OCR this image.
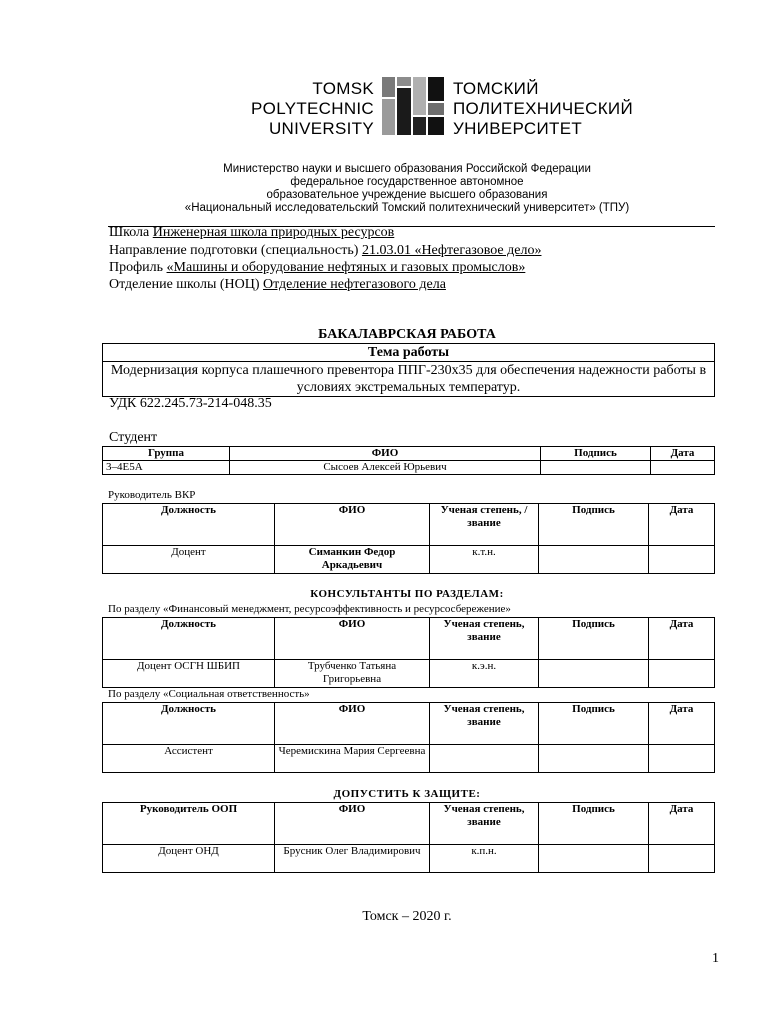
TOMSK
POLYTECHNIC
UNIVERSITY
ТОМСКИЙ
ПОЛИТЕХНИЧЕСКИЙ
УНИВЕРСИТЕТ
Министерство науки и высшего образования Российской Федерации
федеральное государственное автономное
образовательное учреждение высшего образования
«Национальный исследовательский Томский политехнический университет» (ТПУ)
Школа Инженерная школа природных ресурсов
Направление подготовки (специальность) 21.03.01 «Нефтегазовое дело»
Профиль «Машины и оборудование нефтяных и газовых промыслов»
Отделение школы (НОЦ) Отделение нефтегазового дела
БАКАЛАВРСКАЯ РАБОТА
Тема работы
Модернизация корпуса плашечного превентора ППГ-230х35 для обеспечения надежности работы в условиях экстремальных температур.
УДК 622.245.73-214-048.35
Студент
Группа	ФИО	Подпись	Дата
3–4Е5А	Сысоев Алексей Юрьевич		
Руководитель ВКР
Должность	ФИО	Ученая степень, /звание	Подпись	Дата
Доцент	Симанкин Федор Аркадьевич	к.т.н.		
КОНСУЛЬТАНТЫ ПО РАЗДЕЛАМ:
По разделу «Финансовый менеджмент, ресурсоэффективность и ресурсосбережение»
Должность	ФИО	Ученая степень, звание	Подпись	Дата
Доцент ОСГН ШБИП	Трубченко Татьяна Григорьевна	к.э.н.		
По разделу «Социальная ответственность»
Должность	ФИО	Ученая степень, звание	Подпись	Дата
Ассистент	Черемискина Мария Сергеевна			
ДОПУСТИТЬ К ЗАЩИТЕ:
Руководитель ООП	ФИО	Ученая степень, звание	Подпись	Дата
Доцент ОНД	Брусник Олег Владимирович	к.п.н.		
Томск – 2020 г.
1
